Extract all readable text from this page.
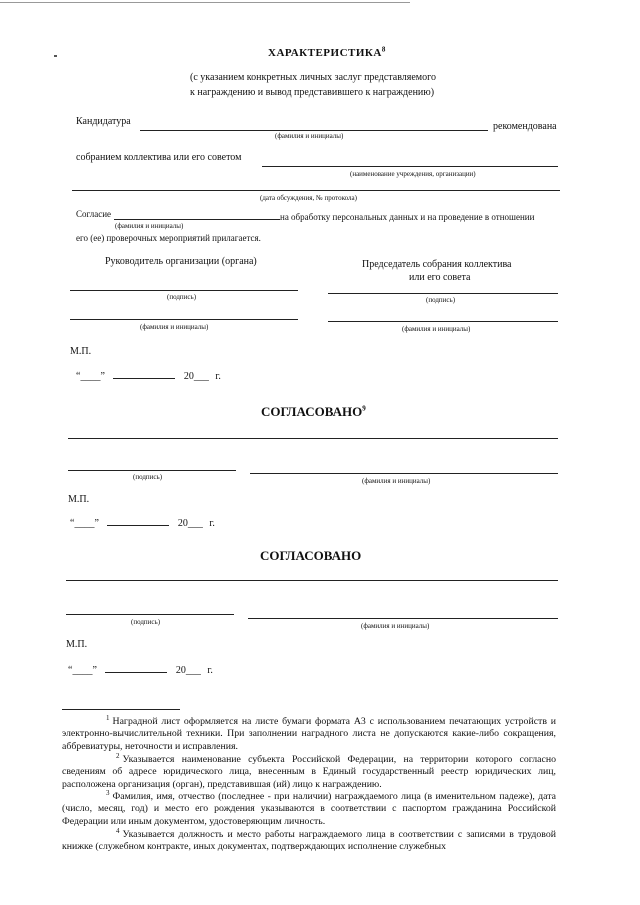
ХАРАКТЕРИСТИКА$^8$
(с указанием конкретных личных заслуг представляемого
к награждению и вывод представившего к награждению)
Кандидатура	рекомендована
(фамилия и инициалы)
собранием коллектива или его советом
(наименование учреждения, организации)
(дата обсуждения, № протокола)
Согласие	на обработку персональных данных и на проведение в отношении
(фамилия и инициалы)
его (ее) проверочных мероприятий прилагается.
Руководитель организации (органа)	Председатель собрания коллектива
или его совета
(подпись)	(подпись)
(фамилия и инициалы)	(фамилия и инициалы)
М.П.
“____”	20___ г.
СОГЛАСОВАНО$^9$
(подпись)	(фамилия и инициалы)
М.П.
“____”	20___ г.
СОГЛАСОВАНО
(подпись)	(фамилия и инициалы)
М.П.
“____”	20___ г.
$^1$ Наградной лист оформляется на листе бумаги формата А3 с использованием печатающих устройств и электронно-вычислительной техники. При заполнении наградного листа не допускаются какие-либо сокращения, аббревиатуры, неточности и исправления.
$^2$ Указывается наименование субъекта Российской Федерации, на территории которого согласно сведениям об адресе юридического лица, внесенным в Единый государственный реестр юридических лиц, расположена организация (орган), представившая (ий) лицо к награждению.
$^3$ Фамилия, имя, отчество (последнее - при наличии) награждаемого лица (в именительном падеже), дата (число, месяц, год) и место его рождения указываются в соответствии с паспортом гражданина Российской Федерации или иным документом, удостоверяющим личность.
$^4$ Указывается должность и место работы награждаемого лица в соответствии с записями в трудовой книжке (служебном контракте, иных документах, подтверждающих исполнение служебных
